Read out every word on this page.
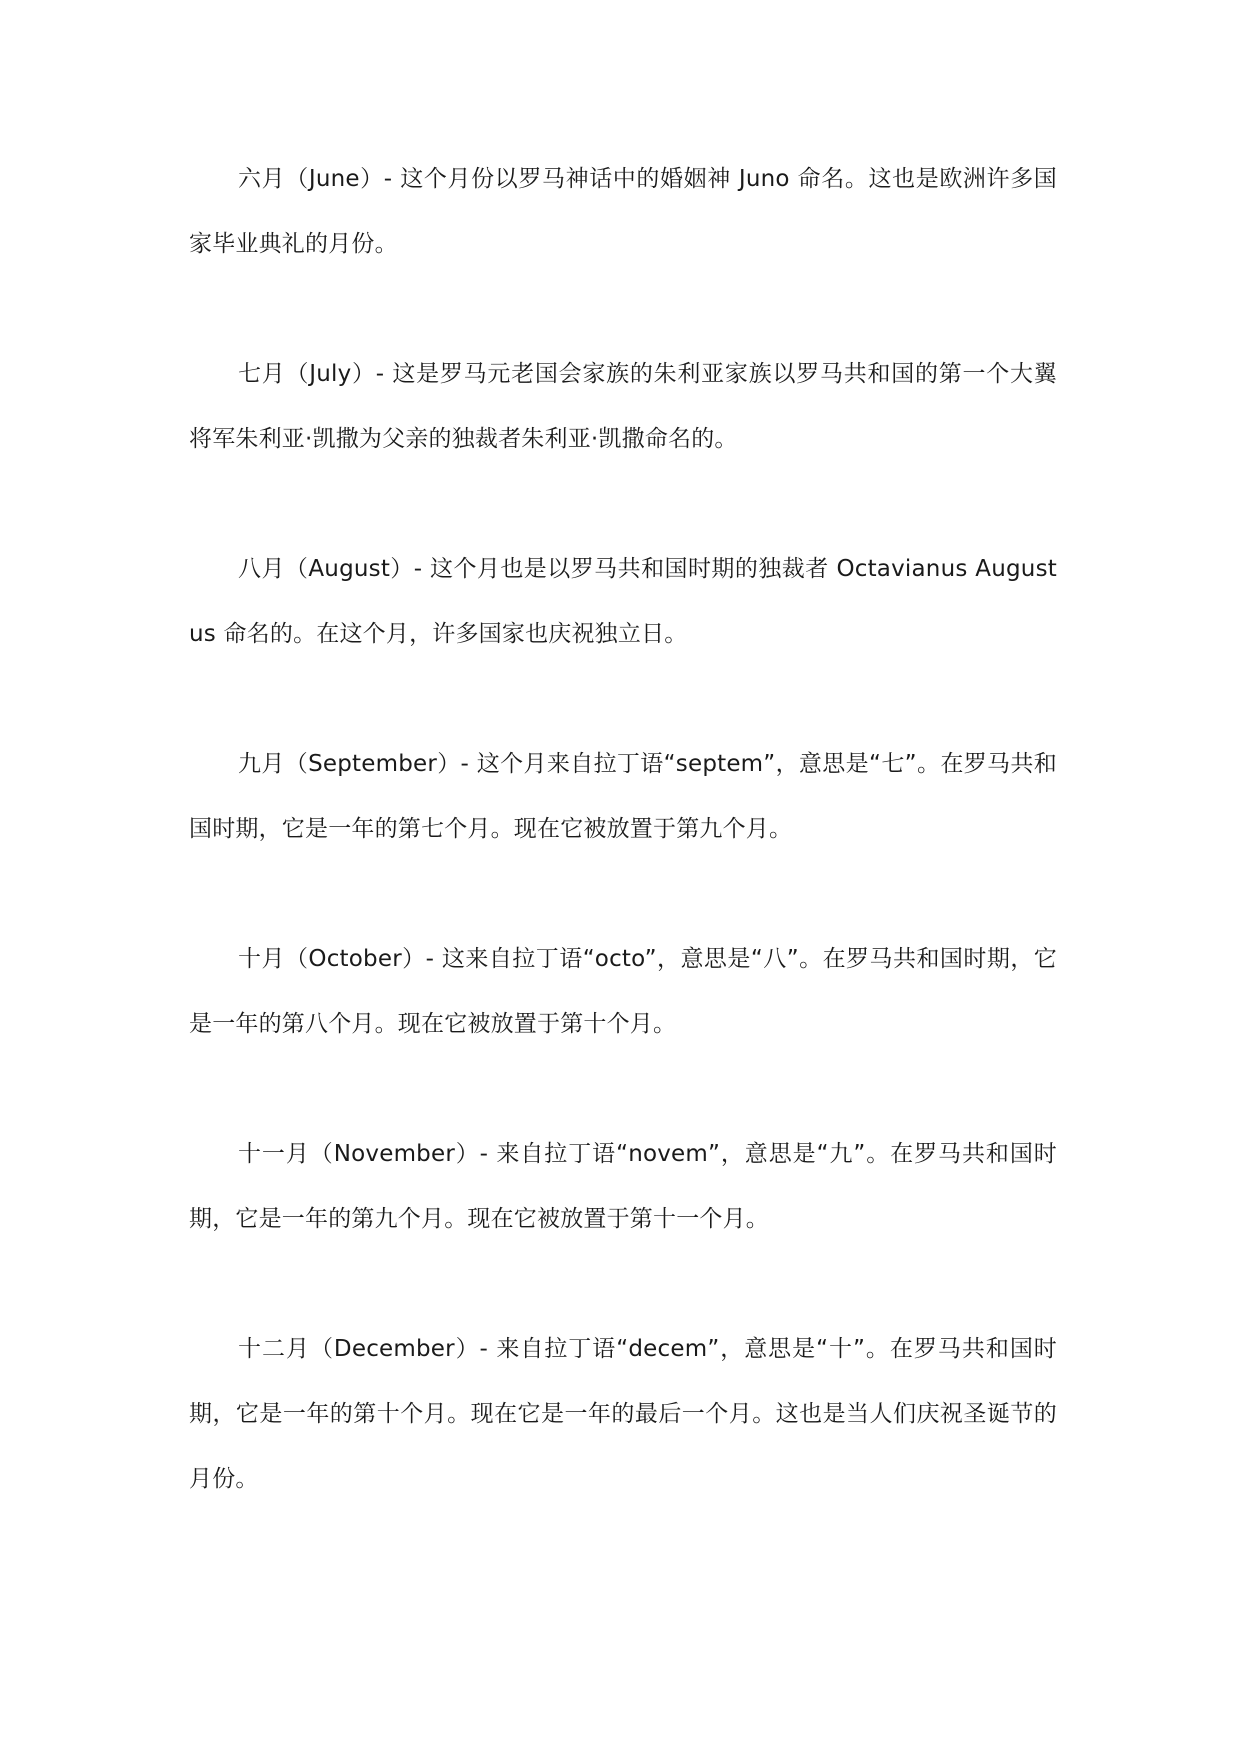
六月（June）- 这个月份以罗马神话中的婚姻神 Juno 命名。这也是欧洲许多国家毕业典礼的月份。

七月（July）- 这是罗马元老国会家族的朱利亚家族以罗马共和国的第一个大翼将军朱利亚·凯撒为父亲的独裁者朱利亚·凯撒命名的。

八月（August）- 这个月也是以罗马共和国时期的独裁者 Octavianus Augustus 命名的。在这个月，许多国家也庆祝独立日。

九月（September）- 这个月来自拉丁语“septem”，意思是“七”。在罗马共和国时期，它是一年的第七个月。现在它被放置于第九个月。

十月（October）- 这来自拉丁语“octo”，意思是“八”。在罗马共和国时期，它是一年的第八个月。现在它被放置于第十个月。

十一月（November）- 来自拉丁语“novem”，意思是“九”。在罗马共和国时期，它是一年的第九个月。现在它被放置于第十一个月。

十二月（December）- 来自拉丁语“decem”，意思是“十”。在罗马共和国时期，它是一年的第十个月。现在它是一年的最后一个月。这也是当人们庆祝圣诞节的月份。
